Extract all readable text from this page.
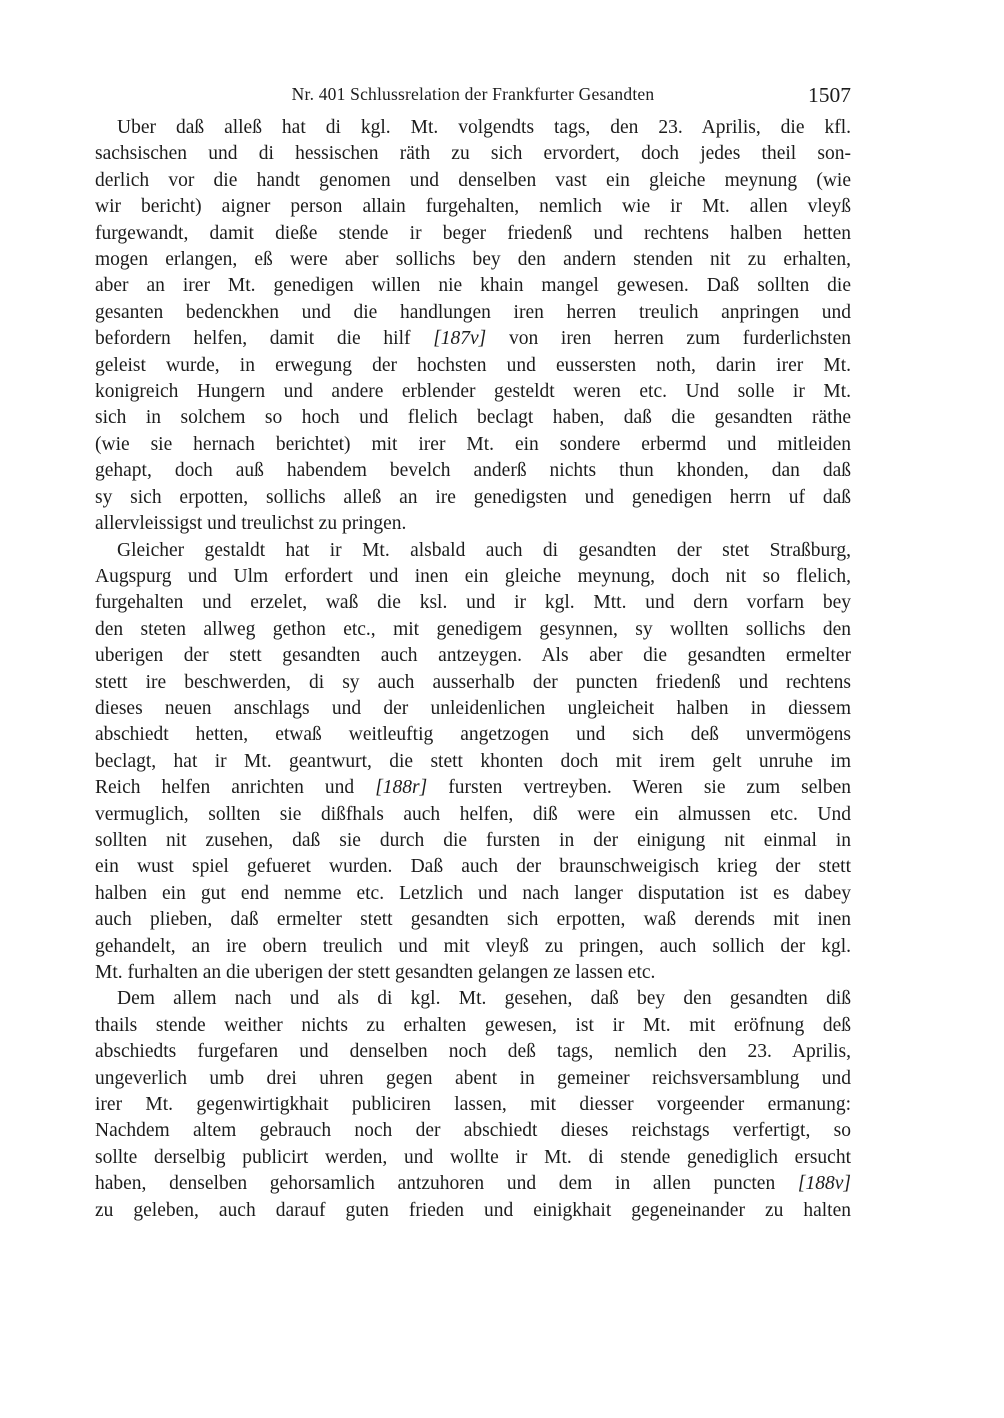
Nr. 401 Schlussrelation der Frankfurter Gesandten	1507
Uber daß alleß hat di kgl. Mt. volgendts tags, den 23. Aprilis, die kfl.
sachsischen und di hessischen räth zu sich ervordert, doch jedes theil son-
derlich vor die handt genomen und denselben vast ein gleiche meynung (wie
wir bericht) aigner person allain furgehalten, nemlich wie ir Mt. allen vleyß
furgewandt, damit dieße stende ir beger friedenß und rechtens halben hetten
mogen erlangen, eß were aber sollichs bey den andern stenden nit zu erhalten,
aber an irer Mt. genedigen willen nie khain mangel gewesen. Daß sollten die
gesanten bedenckhen und die handlungen iren herren treulich anpringen und
befordern helfen, damit die hilf [187v] von iren herren zum furderlichsten
geleist wurde, in erwegung der hochsten und eussersten noth, darin irer Mt.
konigreich Hungern und andere erblender gesteldt weren etc. Und solle ir Mt.
sich in solchem so hoch und flelich beclagt haben, daß die gesandten räthe
(wie sie hernach berichtet) mit irer Mt. ein sondere erbermd und mitleiden
gehapt, doch auß habendem bevelch anderß nichts thun khonden, dan daß
sy sich erpotten, sollichs alleß an ire genedigsten und genedigen herrn uf daß
allervleissigst und treulichst zu pringen.
Gleicher gestaldt hat ir Mt. alsbald auch di gesandten der stet Straßburg,
Augspurg und Ulm erfordert und inen ein gleiche meynung, doch nit so flelich,
furgehalten und erzelet, waß die ksl. und ir kgl. Mtt. und dern vorfarn bey
den steten allweg gethon etc., mit genedigem gesynnen, sy wollten sollichs den
uberigen der stett gesandten auch antzeygen. Als aber die gesandten ermelter
stett ire beschwerden, di sy auch ausserhalb der puncten friedenß und rechtens
dieses neuen anschlags und der unleidenlichen ungleicheit halben in diessem
abschiedt hetten, etwaß weitleuftig angetzogen und sich deß unvermögens
beclagt, hat ir Mt. geantwurt, die stett khonten doch mit irem gelt unruhe im
Reich helfen anrichten und [188r] fursten vertreyben. Weren sie zum selben
vermuglich, sollten sie dißfhals auch helfen, diß were ein almussen etc. Und
sollten nit zusehen, daß sie durch die fursten in der einigung nit einmal in
ein wust spiel gefueret wurden. Daß auch der braunschweigisch krieg der stett
halben ein gut end nemme etc. Letzlich und nach langer disputation ist es dabey
auch plieben, daß ermelter stett gesandten sich erpotten, waß derends mit inen
gehandelt, an ire obern treulich und mit vleyß zu pringen, auch sollich der kgl.
Mt. furhalten an die uberigen der stett gesandten gelangen ze lassen etc.
Dem allem nach und als di kgl. Mt. gesehen, daß bey den gesandten diß
thails stende weither nichts zu erhalten gewesen, ist ir Mt. mit eröfnung deß
abschiedts furgefaren und denselben noch deß tags, nemlich den 23. Aprilis,
ungeverlich umb drei uhren gegen abent in gemeiner reichsversamblung und
irer Mt. gegenwirtigkhait publiciren lassen, mit diesser vorgeender ermanung:
Nachdem altem gebrauch noch der abschiedt dieses reichstags verfertigt, so
sollte derselbig publicirt werden, und wollte ir Mt. di stende genediglich ersucht
haben, denselben gehorsamlich antzuhoren und dem in allen puncten [188v]
zu geleben, auch darauf guten frieden und einigkhait gegeneinander zu halten
